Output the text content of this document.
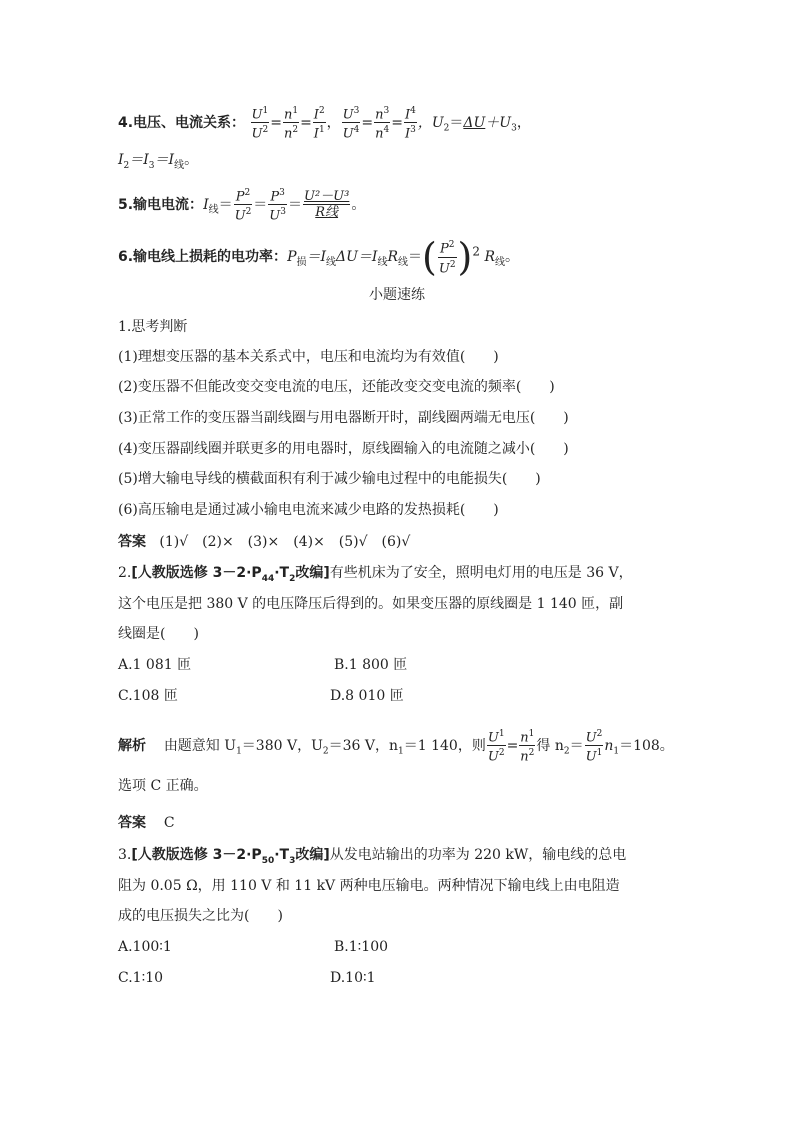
4.电压、电流关系： $\frac{U^1}{U^2} = \frac{n^1}{n^2} = \frac{I^2}{I^1}$ ， $\frac{U^3}{U^4} = \frac{n^3}{n^4} = \frac{I^4}{I^3}$ ，$U_2=\Delta U+U_3$，
$I_2=I_3=I_线$。
5.输电电流：$I_线= \frac{P^2}{U^2} = \frac{P^3}{U^3} = \frac{\text{U²－U³}}{\text{R线}}$ 。
6.输电线上损耗的电功率：$P_损=I_线\Delta U=I_线R_线=( \frac{P^2}{U^2} )2$ $R_线$。
小题速练
1.思考判断
(1)理想变压器的基本关系式中，电压和电流均为有效值(　　)
(2)变压器不但能改变交变电流的电压，还能改变交变电流的频率(　　)
(3)正常工作的变压器当副线圈与用电器断开时，副线圈两端无电压(　　)
(4)变压器副线圈并联更多的用电器时，原线圈输入的电流随之减小(　　)
(5)增大输电导线的横截面积有利于减少输电过程中的电能损失(　　)
(6)高压输电是通过减小输电电流来减少电路的发热损耗(　　)
答案 (1)√　(2)×　(3)×　(4)×　(5)√　(6)√
2.[人教版选修 $3-2\cdot P_{44}\cdot T_2$改编]有些机床为了安全，照明电灯用的电压是 36 V，
这个电压是把 380 V 的电压降压后得到的。如果变压器的原线圈是 1 140 匝，副
线圈是(　　)
A.1 081 匝	B.1 800 匝
C.108 匝	D.8 010 匝
解析 由题意知 $U_1=380$ V，$U_2=36$ V，$n_1=1$ 140，则 $\frac{U^1}{U^2} = \frac{n^1}{n^2}$ 得 $n_2= \frac{U^2}{U^1} n_1=108$。
选项 C 正确。
答案 C
3.[人教版选修 $3-2\cdot P_{50}\cdot T_3$改编]从发电站输出的功率为 220 kW，输电线的总电
阻为 0.05 Ω，用 110 V 和 11 kV 两种电压输电。两种情况下输电线上由电阻造
成的电压损失之比为(　　)
A.100∶1	B.1∶100
C.1∶10	D.10∶1
